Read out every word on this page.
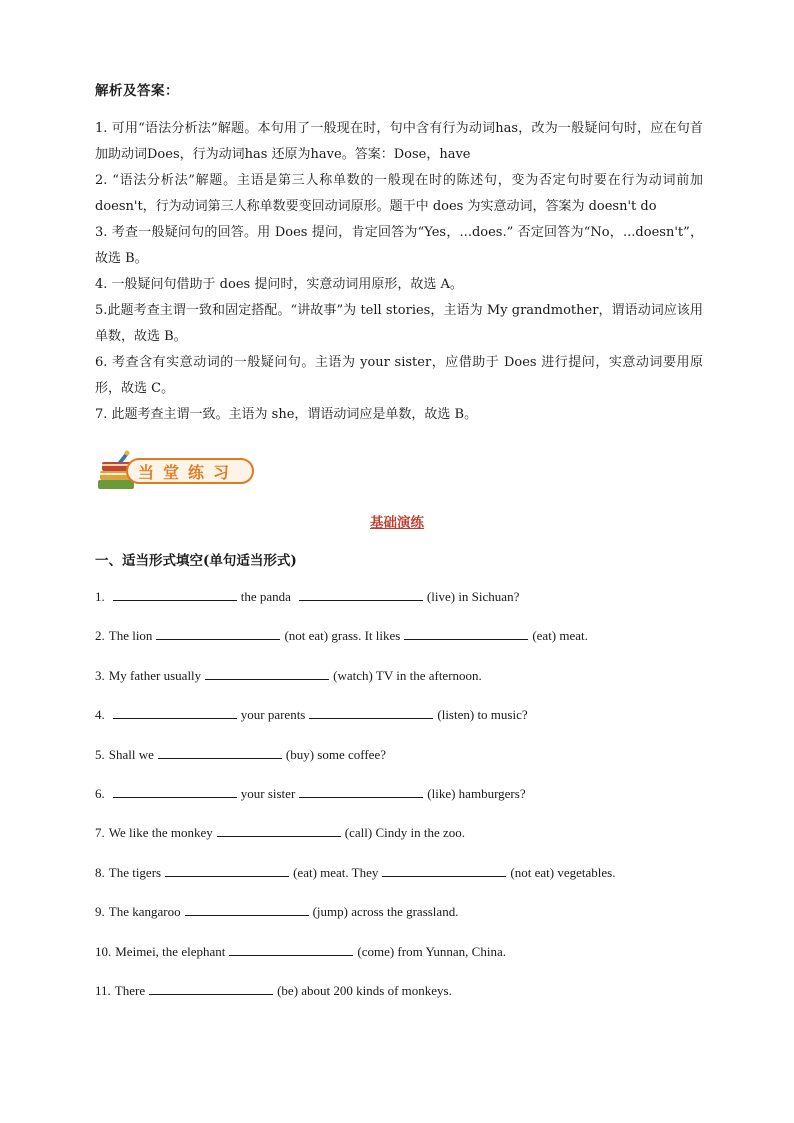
解析及答案：

1. 可用“语法分析法”解题。本句用了一般现在时，句中含有行为动词has，改为一般疑问句时，应在句首加助动词Does，行为动词has 还原为have。答案：Dose，have

2. “语法分析法”解题。主语是第三人称单数的一般现在时的陈述句，变为否定句时要在行为动词前加 doesn't，行为动词第三人称单数要变回动词原形。题干中 does 为实意动词，答案为 doesn't do

3. 考查一般疑问句的回答。用 Does 提问，肯定回答为“Yes，...does.” 否定回答为“No，...doesn't”，故选 B。

4. 一般疑问句借助于 does 提问时，实意动词用原形，故选 A。

5.此题考查主谓一致和固定搭配。“讲故事”为 tell stories，主语为 My grandmother，谓语动词应该用单数，故选 B。

6. 考查含有实意动词的一般疑问句。主语为 your sister，应借助于 Does 进行提问，实意动词要用原形，故选 C。

7. 此题考查主谓一致。主语为 she，谓语动词应是单数，故选 B。

当堂练习
基础演练
一、适当形式填空(单句适当形式)
1.	the panda	(live) in Sichuan?
2. The lion	(not eat) grass. It likes	(eat) meat.
3. My father usually	(watch) TV in the afternoon.
4.	your parents	(listen) to music?
5. Shall we	(buy) some coffee?
6.	your sister	(like) hamburgers?
7. We like the monkey	(call) Cindy in the zoo.
8. The tigers	(eat) meat. They	(not eat) vegetables.
9. The kangaroo	(jump) across the grassland.
10. Meimei, the elephant	(come) from Yunnan, China.
11. There	(be) about 200 kinds of monkeys.
